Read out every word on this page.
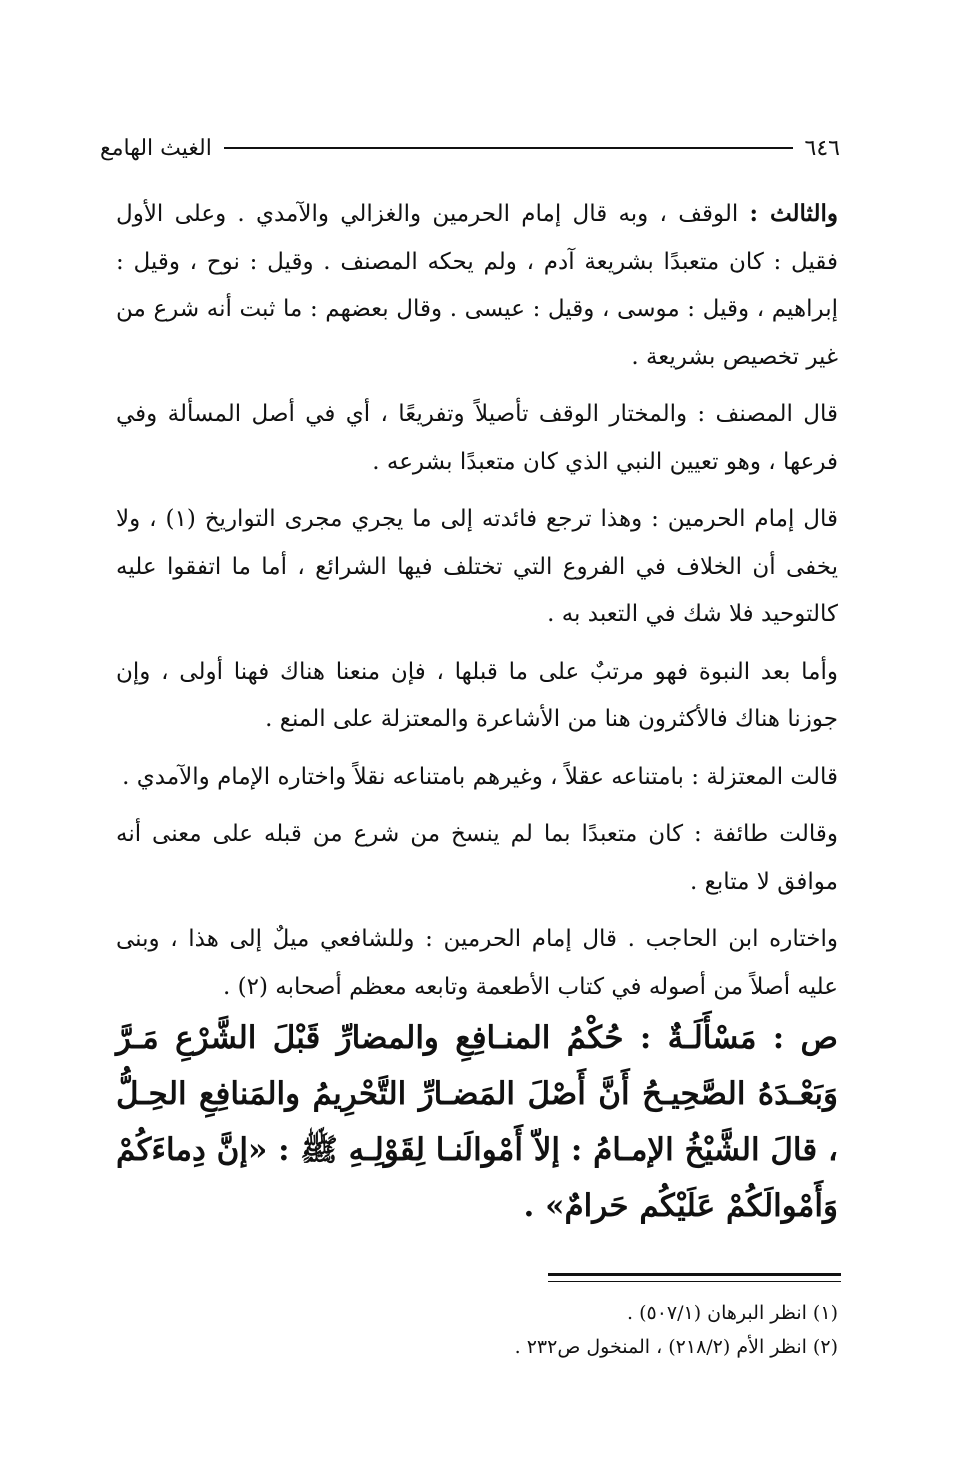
٦٤٦
الغيث الهامع

والثالث : الوقف ، وبه قال إمام الحرمين والغزالي والآمدي . وعلى الأول فقيل : كان متعبدًا بشريعة آدم ، ولم يحكه المصنف . وقيل : نوح ، وقيل : إبراهيم ، وقيل : موسى ، وقيل : عيسى . وقال بعضهم : ما ثبت أنه شرع من غير تخصيص بشريعة .

قال المصنف : والمختار الوقف تأصيلاً وتفريعًا ، أي في أصل المسألة وفي فرعها ، وهو تعيين النبي الذي كان متعبدًا بشرعه .

قال إمام الحرمين : وهذا ترجع فائدته إلى ما يجري مجرى التواريخ (١) ، ولا يخفى أن الخلاف في الفروع التي تختلف فيها الشرائع ، أما ما اتفقوا عليه كالتوحيد فلا شك في التعبد به .

وأما بعد النبوة فهو مرتبٌ على ما قبلها ، فإن منعنا هناك فهنا أولى ، وإن جوزنا هناك فالأكثرون هنا من الأشاعرة والمعتزلة على المنع .

قالت المعتزلة : بامتناعه عقلاً ، وغيرهم بامتناعه نقلاً واختاره الإمام والآمدي .

وقالت طائفة : كان متعبدًا بما لم ينسخ من شرع من قبله على معنى أنه موافق لا متابع .

واختاره ابن الحاجب . قال إمام الحرمين : وللشافعي ميلٌ إلى هذا ، وبنى عليه أصلاً من أصوله في كتاب الأطعمة وتابعه معظم أصحابه (٢) .

ص : مَسْأَلَـةٌ : حُكْمُ المنـافِعِ والمضارِّ قَبْلَ الشَّرْعِ مَـرَّ وَبَعْـدَهُ الصَّحِيـحُ أَنَّ أَصْلَ المَضـارِّ التَّحْرِيمُ والمَنافِعِ الحِـلُّ ، قالَ الشَّيْخُ الإمـامُ : إلاّ أَمْوالَنـا لِقَوْلِـهِ ﷺ : «إنَّ دِماءَكُمْ وَأَمْوالَكُمْ عَلَيْكُم حَرامٌ» .

(١) انظر البرهان (٥٠٧/١) .

(٢) انظر الأم (٢١٨/٢) ، المنخول ص٢٣٢ .
